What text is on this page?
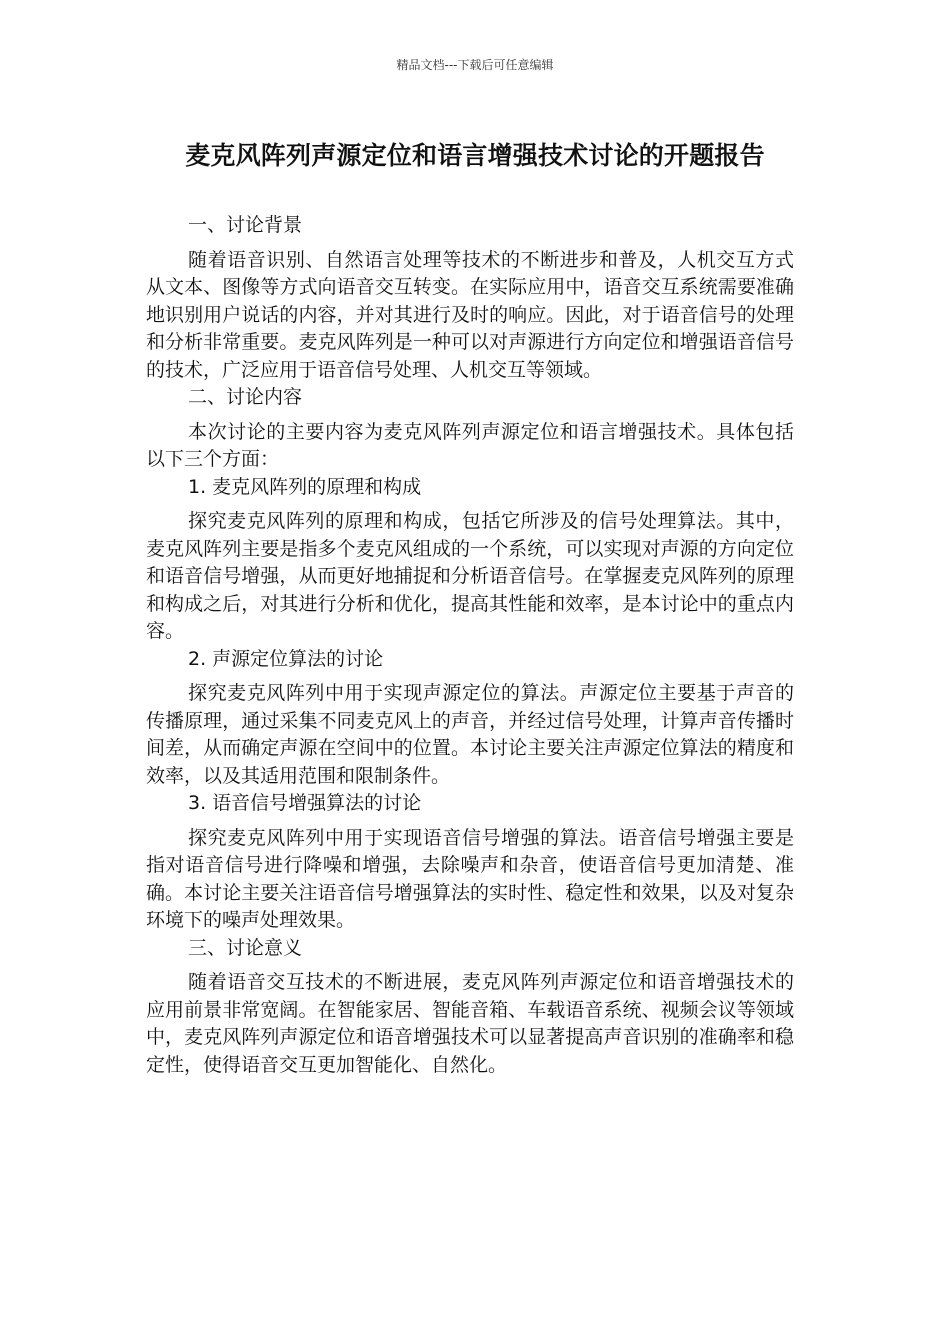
精品文档---下载后可任意编辑
麦克风阵列声源定位和语言增强技术讨论的开题报告

一、讨论背景

随着语音识别、自然语言处理等技术的不断进步和普及，人机交互方式从文本、图像等方式向语音交互转变。在实际应用中，语音交互系统需要准确地识别用户说话的内容，并对其进行及时的响应。因此，对于语音信号的处理和分析非常重要。麦克风阵列是一种可以对声源进行方向定位和增强语音信号的技术，广泛应用于语音信号处理、人机交互等领域。

二、讨论内容

本次讨论的主要内容为麦克风阵列声源定位和语言增强技术。具体包括以下三个方面：

1. 麦克风阵列的原理和构成

探究麦克风阵列的原理和构成，包括它所涉及的信号处理算法。其中，麦克风阵列主要是指多个麦克风组成的一个系统，可以实现对声源的方向定位和语音信号增强，从而更好地捕捉和分析语音信号。在掌握麦克风阵列的原理和构成之后，对其进行分析和优化，提高其性能和效率，是本讨论中的重点内容。

2. 声源定位算法的讨论

探究麦克风阵列中用于实现声源定位的算法。声源定位主要基于声音的传播原理，通过采集不同麦克风上的声音，并经过信号处理，计算声音传播时间差，从而确定声源在空间中的位置。本讨论主要关注声源定位算法的精度和效率，以及其适用范围和限制条件。

3. 语音信号增强算法的讨论

探究麦克风阵列中用于实现语音信号增强的算法。语音信号增强主要是指对语音信号进行降噪和增强，去除噪声和杂音，使语音信号更加清楚、准确。本讨论主要关注语音信号增强算法的实时性、稳定性和效果，以及对复杂环境下的噪声处理效果。

三、讨论意义

随着语音交互技术的不断进展，麦克风阵列声源定位和语音增强技术的应用前景非常宽阔。在智能家居、智能音箱、车载语音系统、视频会议等领域中，麦克风阵列声源定位和语音增强技术可以显著提高声音识别的准确率和稳定性，使得语音交互更加智能化、自然化。
